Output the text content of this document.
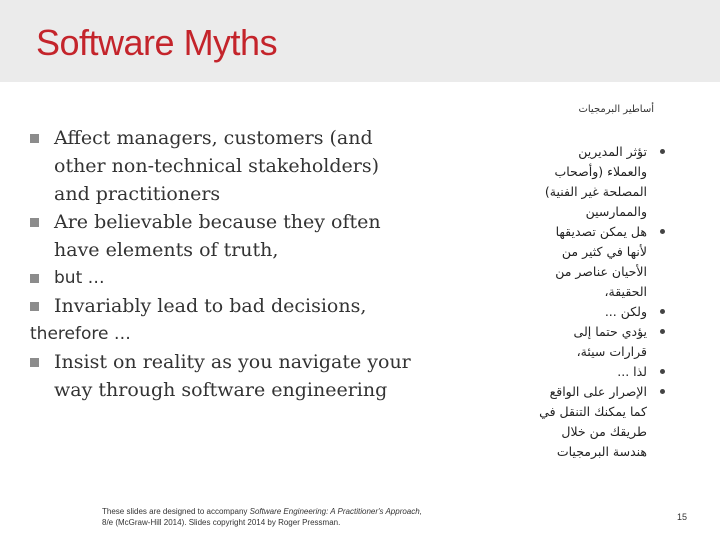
Software Myths
أساطير البرمجيات
Affect managers, customers (and
other non-technical stakeholders)
and practitioners
Are believable because they often
have elements of truth,
but …
Invariably lead to bad decisions,
therefore …
Insist on reality as you navigate your
way through software engineering
تؤثر المديرين
والعملاء (وأصحاب
المصلحة غير الفنية)
والممارسين
هل يمكن تصديقها
لأنها في كثير من
الأحيان عناصر من
الحقيقة،
ولكن ...
يؤدي حتما إلى
قرارات سيئة،
لذا ...
الإصرار على الواقع
كما يمكنك التنقل في
طريقك من خلال
هندسة البرمجيات
These slides are designed to accompany Software Engineering: A Practitioner's Approach,
8/e (McGraw-Hill 2014). Slides copyright 2014 by Roger Pressman.
15
